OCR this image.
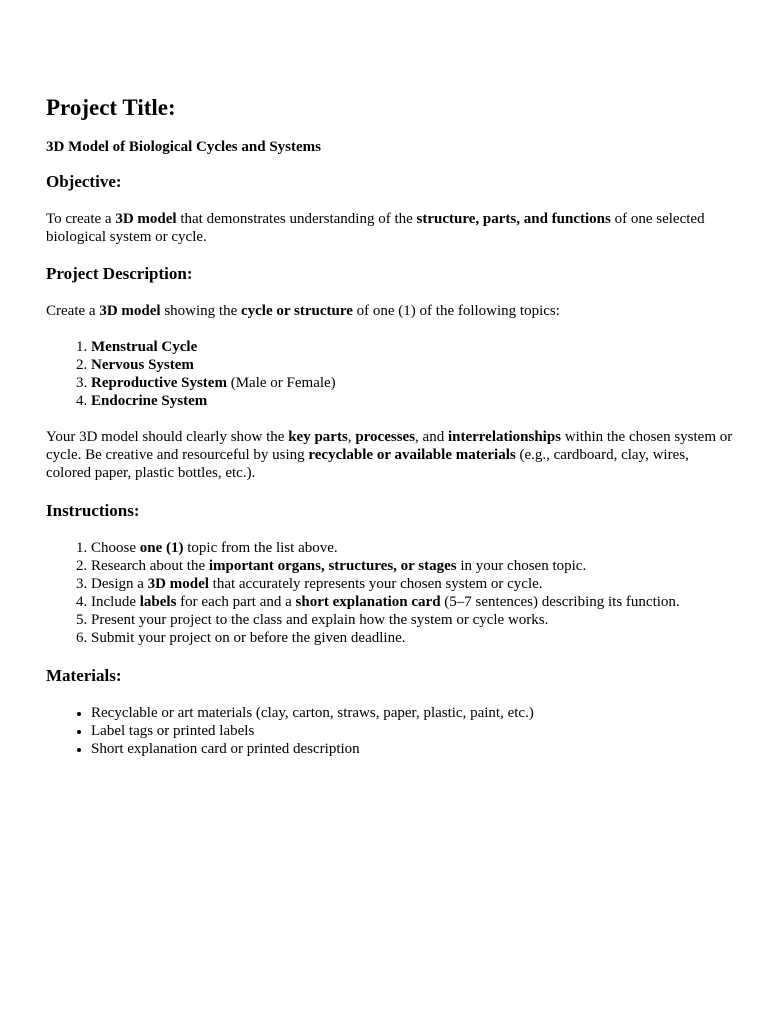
Project Title:

3D Model of Biological Cycles and Systems

Objective:

To create a 3D model that demonstrates understanding of the structure, parts, and functions of one selected biological system or cycle.

Project Description:

Create a 3D model showing the cycle or structure of one (1) of the following topics:

1. Menstrual Cycle
2. Nervous System
3. Reproductive System (Male or Female)
4. Endocrine System

Your 3D model should clearly show the key parts, processes, and interrelationships within the chosen system or cycle. Be creative and resourceful by using recyclable or available materials (e.g., cardboard, clay, wires, colored paper, plastic bottles, etc.).

Instructions:
1. Choose one (1) topic from the list above.
2. Research about the important organs, structures, or stages in your chosen topic.
3. Design a 3D model that accurately represents your chosen system or cycle.
4. Include labels for each part and a short explanation card (5–7 sentences) describing its function.
5. Present your project to the class and explain how the system or cycle works.
6. Submit your project on or before the given deadline.
Materials:
• Recyclable or art materials (clay, carton, straws, paper, plastic, paint, etc.)
• Label tags or printed labels
• Short explanation card or printed description
